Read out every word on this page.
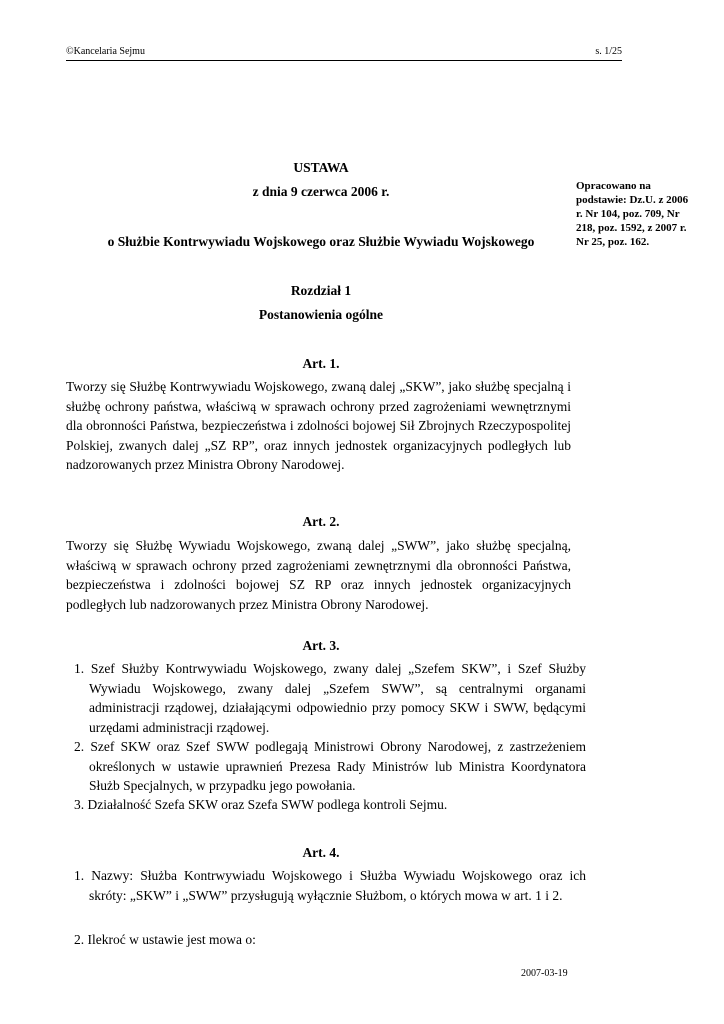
©Kancelaria Sejmu	s. 1/25
USTAWA
z dnia 9 czerwca 2006 r.
o Służbie Kontrwywiadu Wojskowego oraz Służbie Wywiadu Wojskowego
Opracowano na podstawie: Dz.U. z 2006 r. Nr 104, poz. 709, Nr 218, poz. 1592, z 2007 r. Nr 25, poz. 162.
Rozdział 1
Postanowienia ogólne
Art. 1.
Tworzy się Służbę Kontrwywiadu Wojskowego, zwaną dalej „SKW”, jako służbę specjalną i służbę ochrony państwa, właściwą w sprawach ochrony przed zagrożeniami wewnętrznymi dla obronności Państwa, bezpieczeństwa i zdolności bojowej Sił Zbrojnych Rzeczypospolitej Polskiej, zwanych dalej „SZ RP”, oraz innych jednostek organizacyjnych podległych lub nadzorowanych przez Ministra Obrony Narodowej.
Art. 2.
Tworzy się Służbę Wywiadu Wojskowego, zwaną dalej „SWW”, jako służbę specjalną, właściwą w sprawach ochrony przed zagrożeniami zewnętrznymi dla obronności Państwa, bezpieczeństwa i zdolności bojowej SZ RP oraz innych jednostek organizacyjnych podległych lub nadzorowanych przez Ministra Obrony Narodowej.
Art. 3.
1. Szef Służby Kontrwywiadu Wojskowego, zwany dalej „Szefem SKW”, i Szef Służby Wywiadu Wojskowego, zwany dalej „Szefem SWW”, są centralnymi organami administracji rządowej, działającymi odpowiednio przy pomocy SKW i SWW, będącymi urzędami administracji rządowej.
2. Szef SKW oraz Szef SWW podlegają Ministrowi Obrony Narodowej, z zastrzeżeniem określonych w ustawie uprawnień Prezesa Rady Ministrów lub Ministra Koordynatora Służb Specjalnych, w przypadku jego powołania.
3. Działalność Szefa SKW oraz Szefa SWW podlega kontroli Sejmu.
Art. 4.
1. Nazwy: Służba Kontrwywiadu Wojskowego i Służba Wywiadu Wojskowego oraz ich skróty: „SKW” i „SWW” przysługują wyłącznie Służbom, o których mowa w art. 1 i 2.
2. Ilekroć w ustawie jest mowa o:
2007-03-19
